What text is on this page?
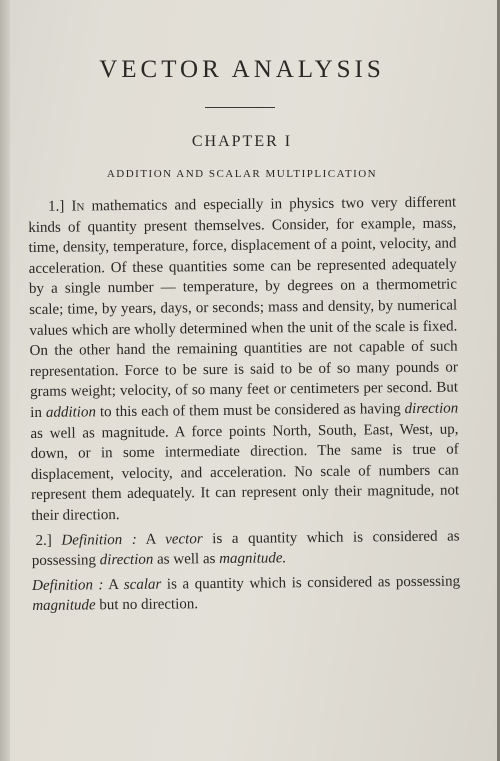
VECTOR ANALYSIS
CHAPTER I
ADDITION AND SCALAR MULTIPLICATION

1.] In mathematics and especially in physics two very different kinds of quantity present themselves. Consider, for example, mass, time, density, temperature, force, displacement of a point, velocity, and acceleration. Of these quantities some can be represented adequately by a single number — temperature, by degrees on a thermometric scale; time, by years, days, or seconds; mass and density, by numerical values which are wholly determined when the unit of the scale is fixed. On the other hand the remaining quantities are not capable of such representation. Force to be sure is said to be of so many pounds or grams weight; velocity, of so many feet or centimeters per second. But in addition to this each of them must be considered as having direction as well as magnitude. A force points North, South, East, West, up, down, or in some intermediate direction. The same is true of displacement, velocity, and acceleration. No scale of numbers can represent them adequately. It can represent only their magnitude, not their direction.

2.] Definition : A vector is a quantity which is considered as possessing direction as well as magnitude.

Definition : A scalar is a quantity which is considered as possessing magnitude but no direction.
